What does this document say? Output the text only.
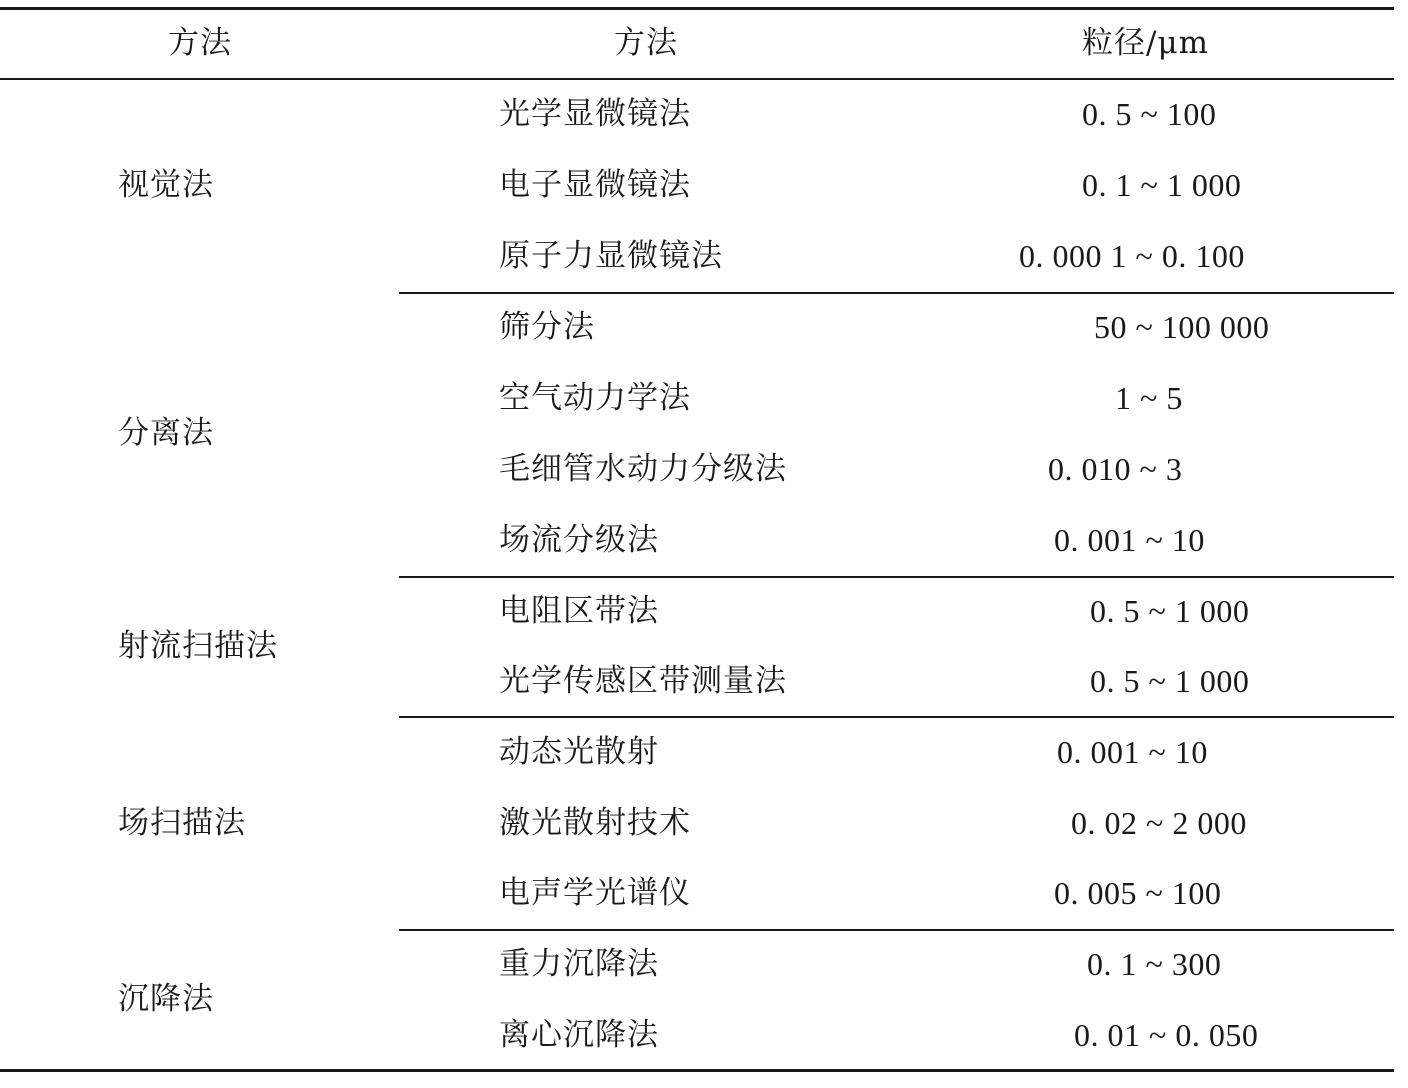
方法	方法	粒径/μm
视觉法
光学显微镜法	0. 5 ~ 100
电子显微镜法	0. 1 ~ 1 000
原子力显微镜法	0. 000 1 ~ 0. 100
分离法
筛分法	50 ~ 100 000
空气动力学法	1 ~ 5
毛细管水动力分级法	0. 010 ~ 3
场流分级法	0. 001 ~ 10
射流扫描法
电阻区带法	0. 5 ~ 1 000
光学传感区带测量法	0. 5 ~ 1 000
场扫描法
动态光散射	0. 001 ~ 10
激光散射技术	0. 02 ~ 2 000
电声学光谱仪	0. 005 ~ 100
沉降法
重力沉降法	0. 1 ~ 300
离心沉降法	0. 01 ~ 0. 050
